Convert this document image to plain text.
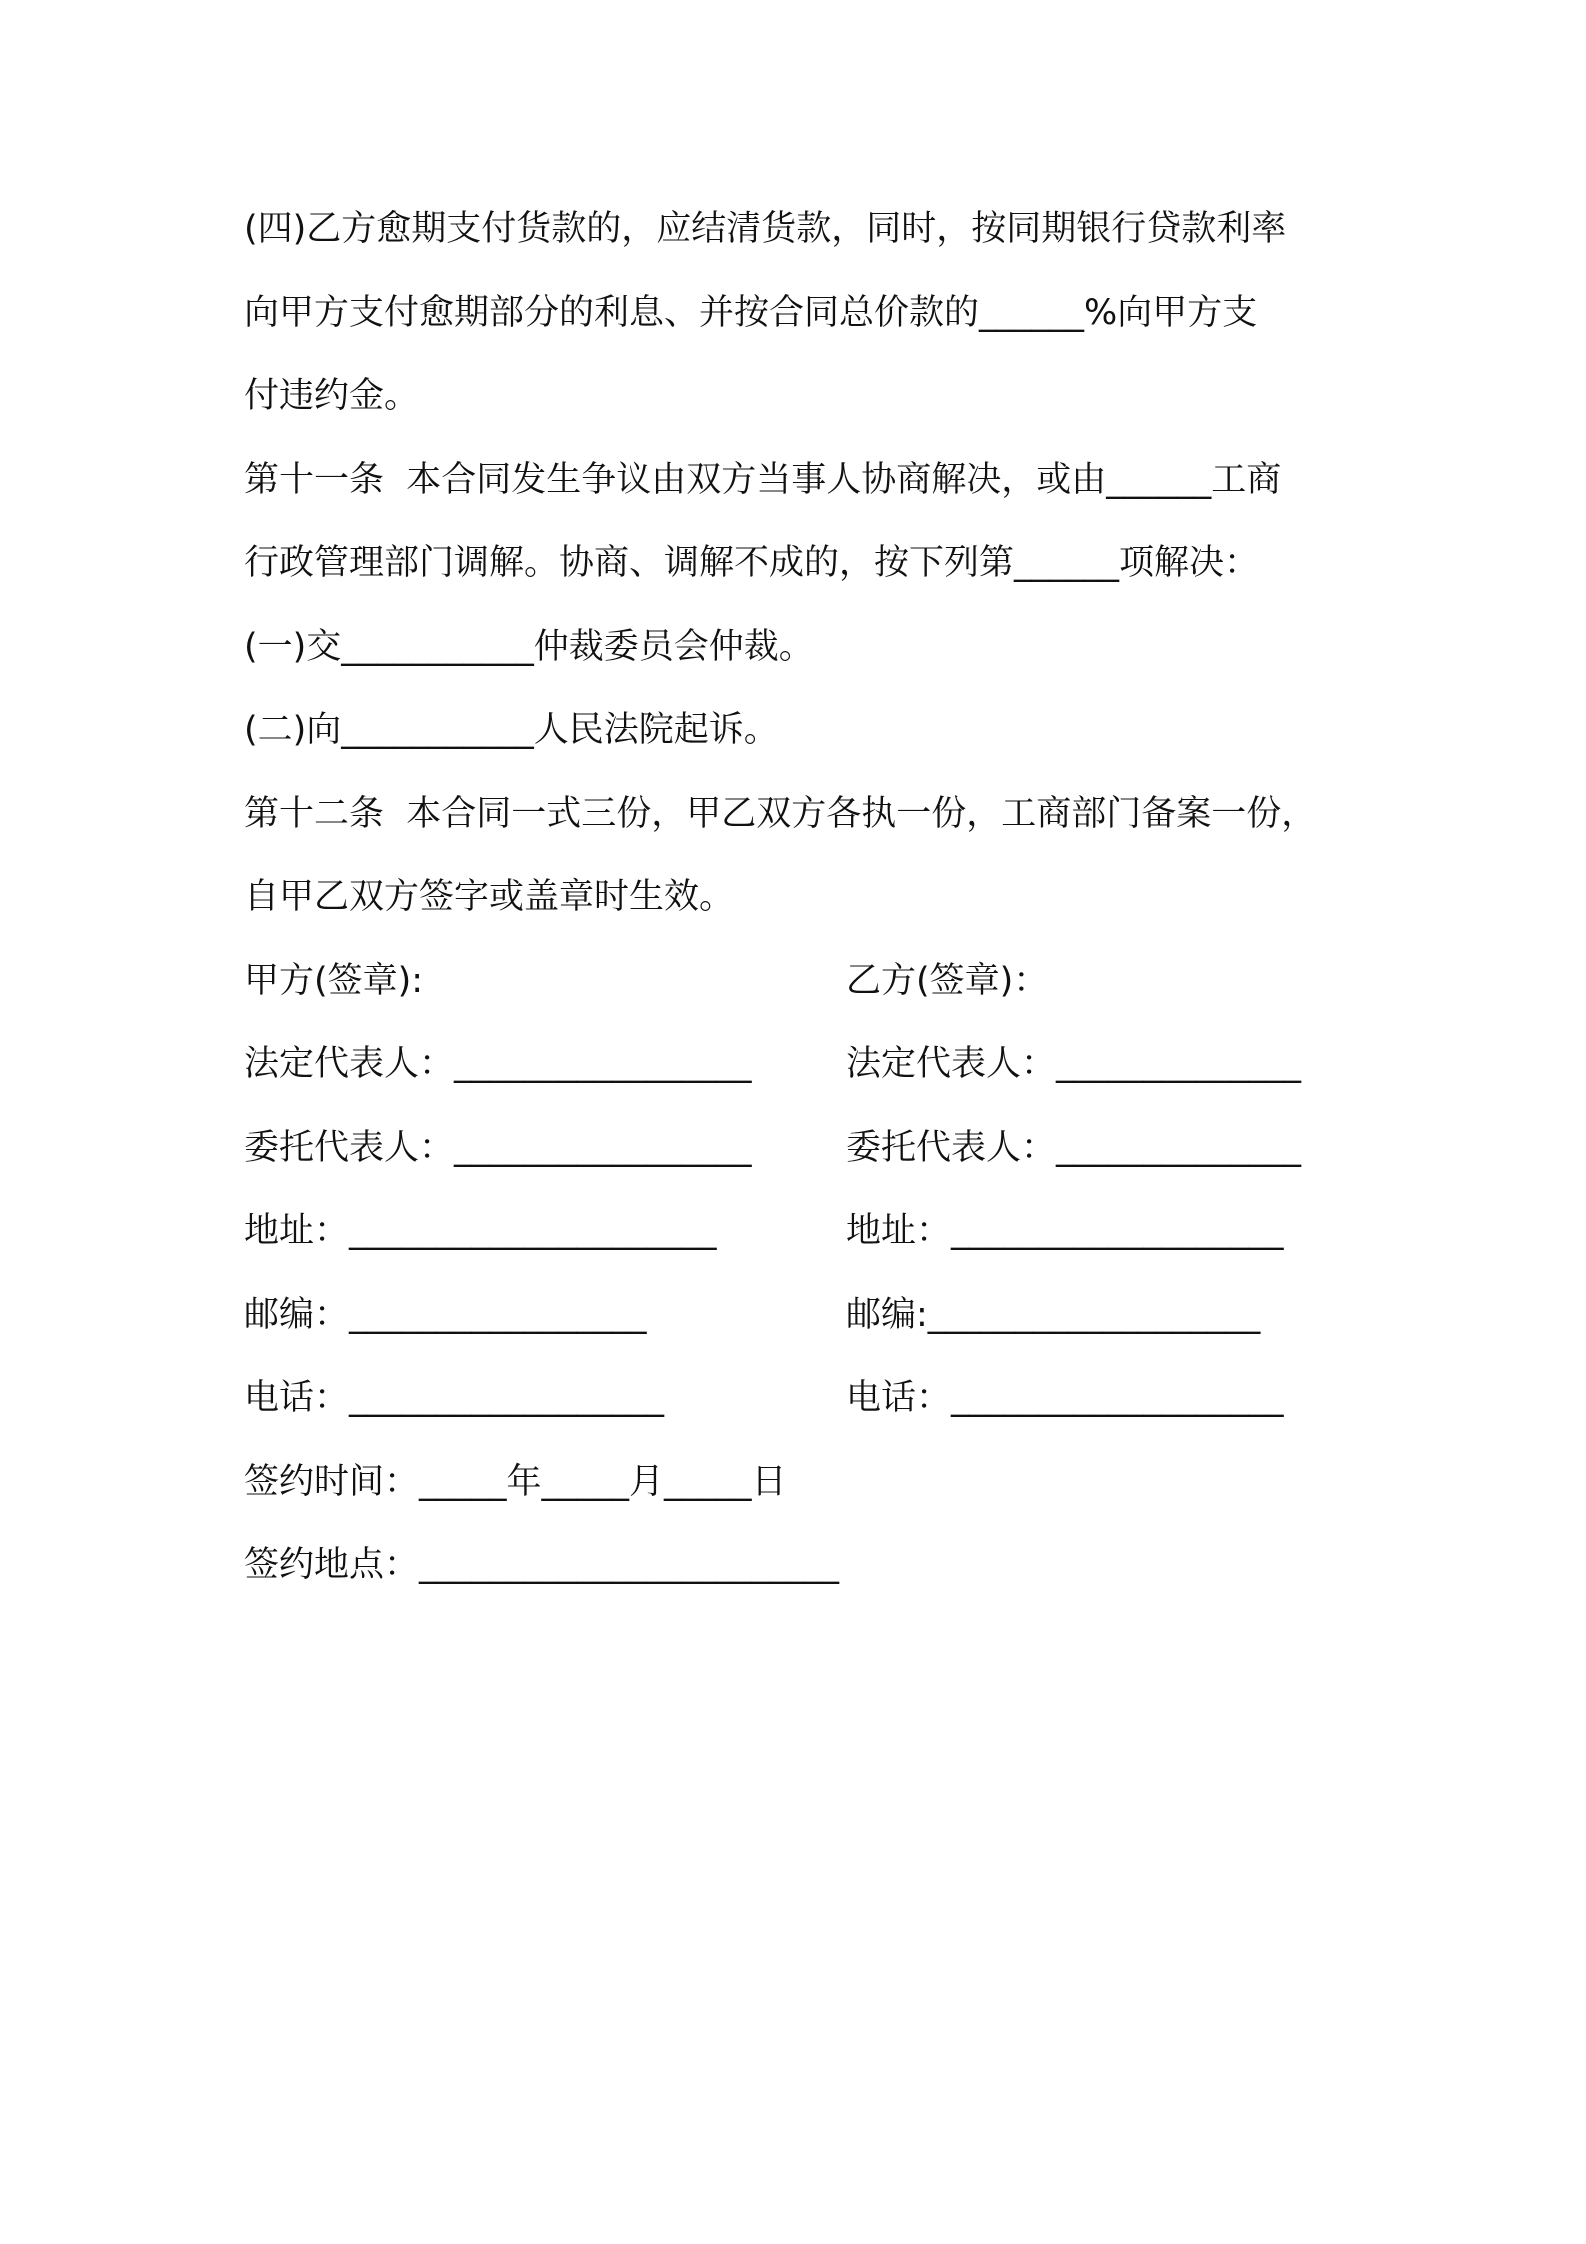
(四)乙方愈期支付货款的，应结清货款，同时，按同期银行贷款利率

向甲方支付愈期部分的利息、并按合同总价款的______%向甲方支

付违约金。

第十一条  本合同发生争议由双方当事人协商解决，或由______工商

行政管理部门调解。协商、调解不成的，按下列第______项解决：

(一)交___________仲裁委员会仲裁。

(二)向___________人民法院起诉。

第十二条  本合同一式三份，甲乙双方各执一份，工商部门备案一份，

自甲乙双方签字或盖章时生效。

甲方(签章):	乙方(签章)：

法定代表人：_________________	法定代表人：______________

委托代表人：_________________	委托代表人：______________

地址：_____________________	地址：___________________

邮编：_________________	邮编:___________________

电话：__________________	电话：___________________

签约时间：_____年_____月_____日

签约地点：________________________
